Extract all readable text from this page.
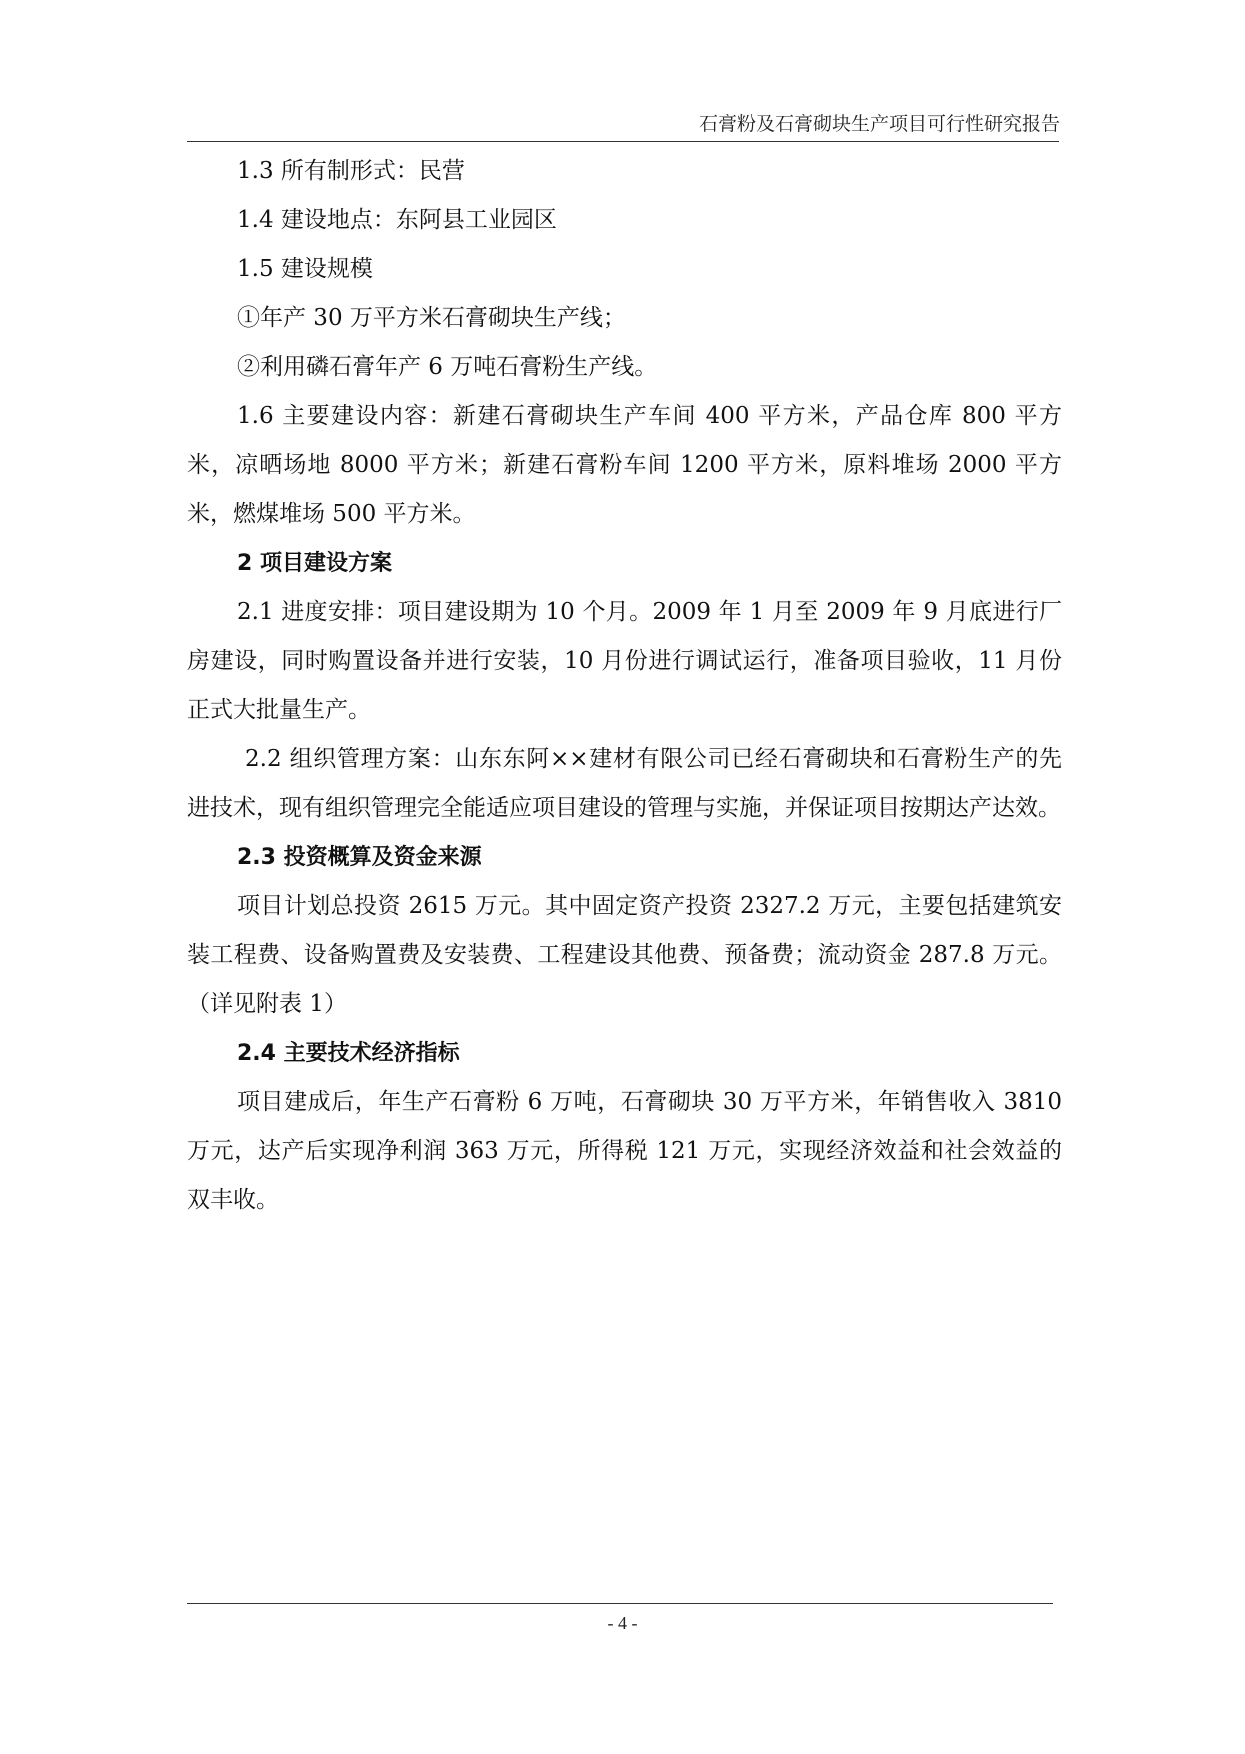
石膏粉及石膏砌块生产项目可行性研究报告

1.3 所有制形式：民营

1.4 建设地点：东阿县工业园区

1.5 建设规模

①年产 30 万平方米石膏砌块生产线；

②利用磷石膏年产 6 万吨石膏粉生产线。

1.6 主要建设内容：新建石膏砌块生产车间 400 平方米，产品仓库 800 平方米，凉晒场地 8000 平方米；新建石膏粉车间 1200 平方米，原料堆场 2000 平方米，燃煤堆场 500 平方米。

2 项目建设方案

2.1 进度安排：项目建设期为 10 个月。2009 年 1 月至 2009 年 9 月底进行厂房建设，同时购置设备并进行安装，10 月份进行调试运行，准备项目验收，11 月份正式大批量生产。

2.2 组织管理方案：山东东阿××建材有限公司已经石膏砌块和石膏粉生产的先进技术，现有组织管理完全能适应项目建设的管理与实施，并保证项目按期达产达效。

2.3 投资概算及资金来源

项目计划总投资 2615 万元。其中固定资产投资 2327.2 万元，主要包括建筑安装工程费、设备购置费及安装费、工程建设其他费、预备费；流动资金 287.8 万元。（详见附表 1）

2.4 主要技术经济指标

项目建成后，年生产石膏粉 6 万吨，石膏砌块 30 万平方米，年销售收入 3810 万元，达产后实现净利润 363 万元，所得税 121 万元，实现经济效益和社会效益的双丰收。

- 4 -
